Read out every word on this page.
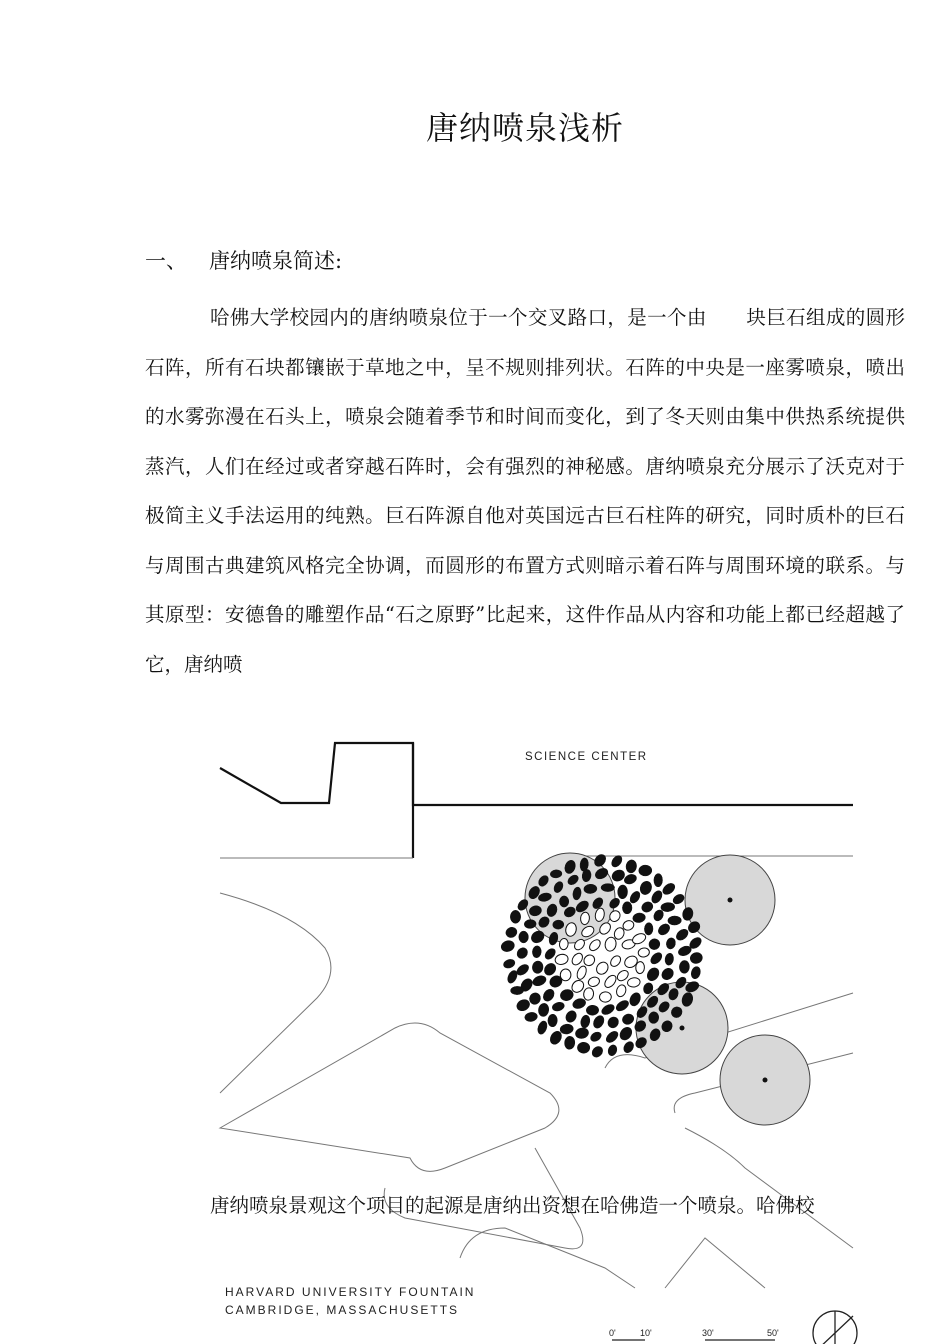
唐纳喷泉浅析
一、 唐纳喷泉简述:

哈佛大学校园内的唐纳喷泉位于一个交叉路口，是一个由　　块巨石组成的圆形石阵，所有石块都镶嵌于草地之中，呈不规则排列状。石阵的中央是一座雾喷泉，喷出的水雾弥漫在石头上，喷泉会随着季节和时间而变化，到了冬天则由集中供热系统提供蒸汽，人们在经过或者穿越石阵时，会有强烈的神秘感。唐纳喷泉充分展示了沃克对于极简主义手法运用的纯熟。巨石阵源自他对英国远古巨石柱阵的研究，同时质朴的巨石与周围古典建筑风格完全协调，而圆形的布置方式则暗示着石阵与周围环境的联系。与其原型：安德鲁的雕塑作品“石之原野”比起来，这件作品从内容和功能上都已经超越了它，唐纳喷

SCIENCE CENTER
0'	10'	30'	50'
唐纳喷泉景观这个项目的起源是唐纳出资想在哈佛造一个喷泉。哈佛校
HARVARD UNIVERSITY FOUNTAIN
CAMBRIDGE, MASSACHUSETTS
